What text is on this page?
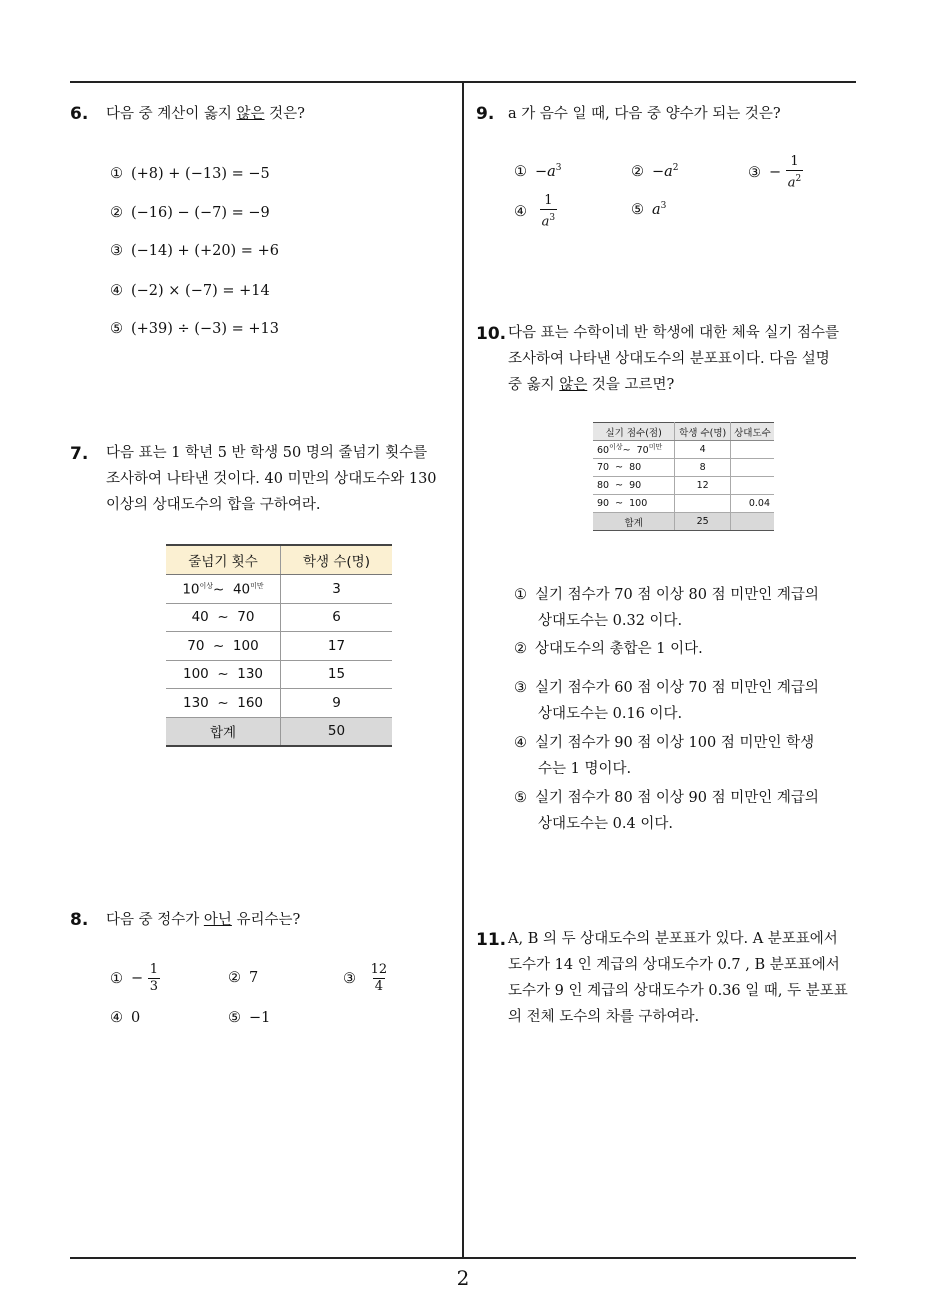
2
6. 다음 중 계산이 옳지 않은 것은?
① (+8) + (−13) = −5
② (−16) − (−7) = −9
③ (−14) + (+20) = +6
④ (−2) × (−7) = +14
⑤ (+39) ÷ (−3) = +13
7. 다음 표는 1 학년 5 반 학생 50 명의 줄넘기 횟수를
조사하여 나타낸 것이다. 40 미만의 상대도수와 130
이상의 상대도수의 합을 구하여라.
줄넘기 횟수	학생 수(명)
$10^{이상}\sim$ $40^{미만}$	3
40  ~  70	6
70  ~  100	17
100  ~  130	15
130  ~  160	9
합계	50
8. 다음 중 정수가 아닌 유리수는?
① − $\frac{1}{3}$	② 7	③ $\frac{12}{4}$
④ 0	⑤ −1
9. a 가 음수 일 때, 다음 중 양수가 되는 것은?
① $-a^3$	② $-a^2$	③ − $\frac{1}{a^2}$
④ $\frac{1}{a^3}$	⑤ $a^3$
10. 다음 표는 수학이네 반 학생에 대한 체육 실기 점수를
조사하여 나타낸 상대도수의 분포표이다. 다음 설명
중 옳지 않은 것을 고르면?
실기 점수(점)	학생 수(명)	상대도수
$60^{이상}\sim$ $70^{미만}$	4	
70  ~  80	8	
80  ~  90	12	
90  ~  100		0.04
합계	25	
① 실기 점수가 70 점 이상 80 점 미만인 계급의
상대도수는 0.32 이다.
② 상대도수의 총합은 1 이다.
③ 실기 점수가 60 점 이상 70 점 미만인 계급의
상대도수는 0.16 이다.
④ 실기 점수가 90 점 이상 100 점 미만인 학생
수는 1 명이다.
⑤ 실기 점수가 80 점 이상 90 점 미만인 계급의
상대도수는 0.4 이다.
11. A, B 의 두 상대도수의 분포표가 있다. A 분포표에서
도수가 14 인 계급의 상대도수가 0.7 , B 분포표에서
도수가 9 인 계급의 상대도수가 0.36 일 때, 두 분포표
의 전체 도수의 차를 구하여라.
